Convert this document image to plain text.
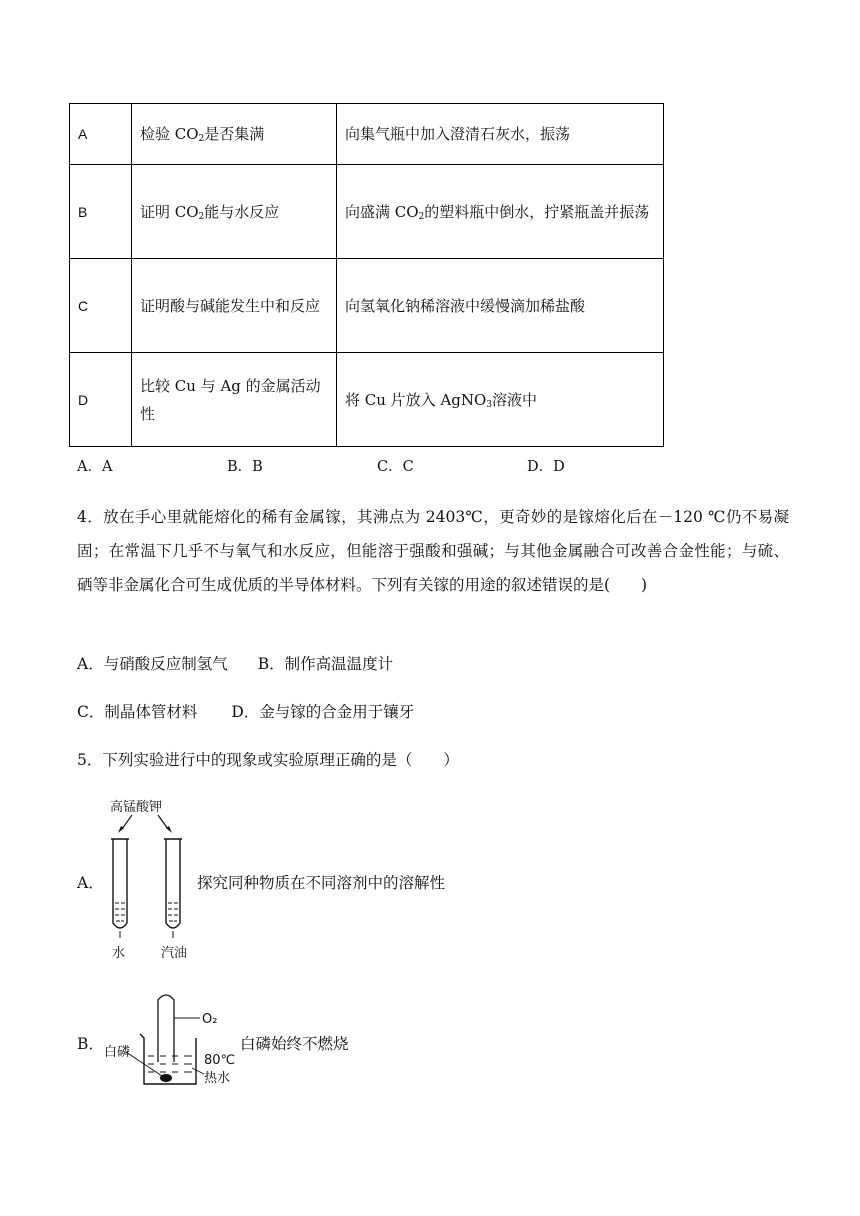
A	检验 $CO_2$是否集满	向集气瓶中加入澄清石灰水，振荡
B	证明 $CO_2$能与水反应	向盛满 $CO_2$的塑料瓶中倒水，拧紧瓶盖并振荡
C	证明酸与碱能发生中和反应	向氢氧化钠稀溶液中缓慢滴加稀盐酸
D	比较 Cu 与 Ag 的金属活动性	将 Cu 片放入 AgNO$_3$溶液中
A．A	B．B	C．C	D．D
4．放在手心里就能熔化的稀有金属镓，其沸点为 2403℃，更奇妙的是镓熔化后在－120 ℃仍不易凝固；在常温下几乎不与氧气和水反应，但能溶于强酸和强碱；与其他金属融合可改善合金性能；与硫、硒等非金属化合可生成优质的半导体材料。下列有关镓的用途的叙述错误的是(　　)
A．与硝酸反应制氢气 B．制作高温温度计
C．制晶体管材料 D．金与镓的合金用于镶牙
5．下列实验进行中的现象或实验原理正确的是（　　）
A．
高锰酸钾
水	汽油
探究同种物质在不同溶剂中的溶解性
B．
O₂
白磷
80℃
热水
白磷始终不燃烧
